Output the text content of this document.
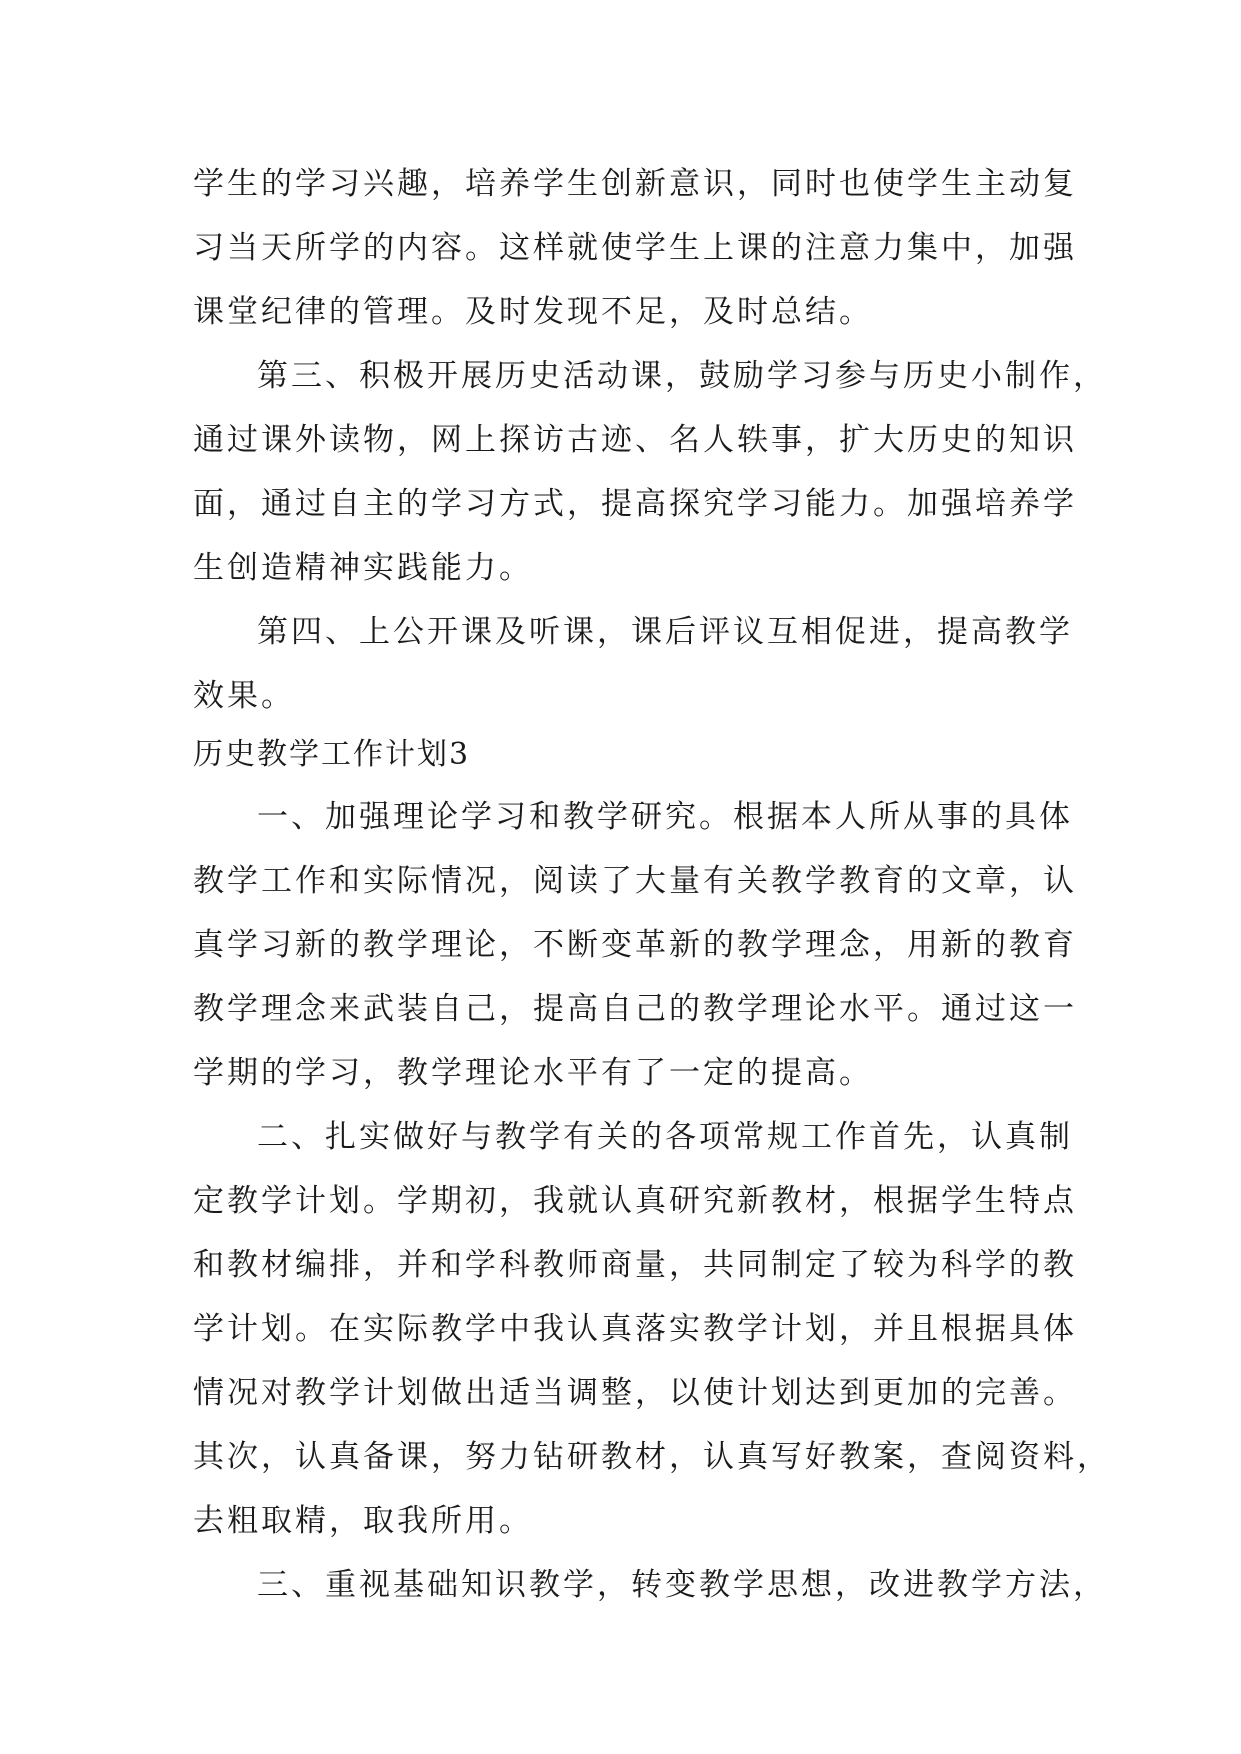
学生的学习兴趣，培养学生创新意识，同时也使学生主动复
习当天所学的内容。这样就使学生上课的注意力集中，加强
课堂纪律的管理。及时发现不足，及时总结。
第三、积极开展历史活动课，鼓励学习参与历史小制作，
通过课外读物，网上探访古迹、名人轶事，扩大历史的知识
面，通过自主的学习方式，提高探究学习能力。加强培养学
生创造精神实践能力。
第四、上公开课及听课，课后评议互相促进，提高教学
效果。
历史教学工作计划3
一、加强理论学习和教学研究。根据本人所从事的具体
教学工作和实际情况，阅读了大量有关教学教育的文章，认
真学习新的教学理论，不断变革新的教学理念，用新的教育
教学理念来武装自己，提高自己的教学理论水平。通过这一
学期的学习，教学理论水平有了一定的提高。
二、扎实做好与教学有关的各项常规工作首先，认真制
定教学计划。学期初，我就认真研究新教材，根据学生特点
和教材编排，并和学科教师商量，共同制定了较为科学的教
学计划。在实际教学中我认真落实教学计划，并且根据具体
情况对教学计划做出适当调整，以使计划达到更加的完善。
其次，认真备课，努力钻研教材，认真写好教案，查阅资料，
去粗取精，取我所用。
三、重视基础知识教学，转变教学思想，改进教学方法，
